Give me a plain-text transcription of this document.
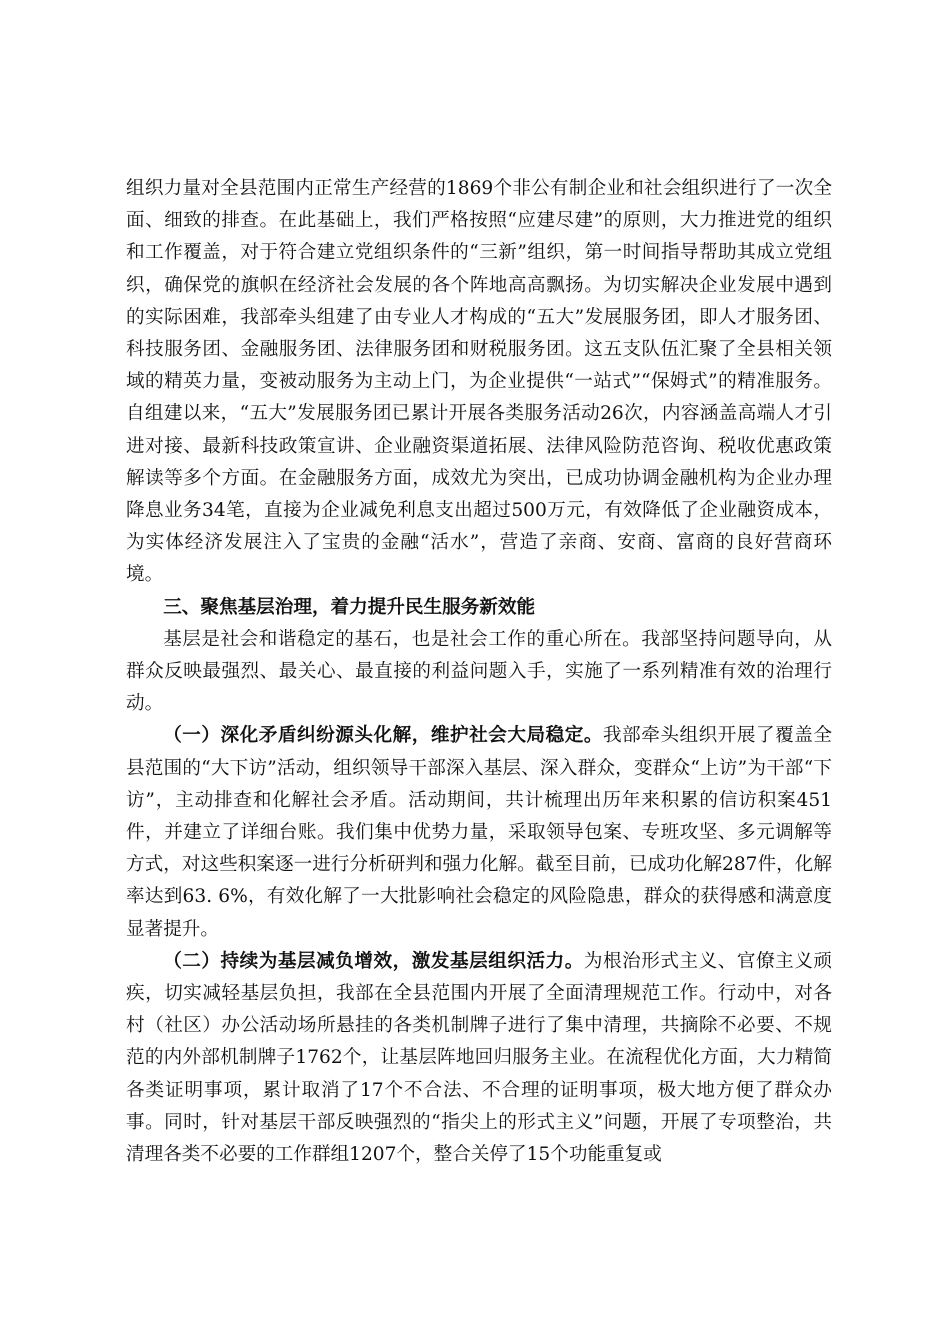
组织力量对全县范围内正常生产经营的1869个非公有制企业和社会组织进行了一次全面、细致的排查。在此基础上，我们严格按照“应建尽建”的原则，大力推进党的组织和工作覆盖，对于符合建立党组织条件的“三新”组织，第一时间指导帮助其成立党组织，确保党的旗帜在经济社会发展的各个阵地高高飘扬。为切实解决企业发展中遇到的实际困难，我部牵头组建了由专业人才构成的“五大”发展服务团，即人才服务团、科技服务团、金融服务团、法律服务团和财税服务团。这五支队伍汇聚了全县相关领域的精英力量，变被动服务为主动上门，为企业提供“一站式”“保姆式”的精准服务。自组建以来，“五大”发展服务团已累计开展各类服务活动26次，内容涵盖高端人才引进对接、最新科技政策宣讲、企业融资渠道拓展、法律风险防范咨询、税收优惠政策解读等多个方面。在金融服务方面，成效尤为突出，已成功协调金融机构为企业办理降息业务34笔，直接为企业减免利息支出超过500万元，有效降低了企业融资成本，为实体经济发展注入了宝贵的金融“活水”，营造了亲商、安商、富商的良好营商环境。

三、聚焦基层治理，着力提升民生服务新效能

基层是社会和谐稳定的基石，也是社会工作的重心所在。我部坚持问题导向，从群众反映最强烈、最关心、最直接的利益问题入手，实施了一系列精准有效的治理行动。

（一）深化矛盾纠纷源头化解，维护社会大局稳定。我部牵头组织开展了覆盖全县范围的“大下访”活动，组织领导干部深入基层、深入群众，变群众“上访”为干部“下访”，主动排查和化解社会矛盾。活动期间，共计梳理出历年来积累的信访积案451件，并建立了详细台账。我们集中优势力量，采取领导包案、专班攻坚、多元调解等方式，对这些积案逐一进行分析研判和强力化解。截至目前，已成功化解287件，化解率达到63. 6%，有效化解了一大批影响社会稳定的风险隐患，群众的获得感和满意度显著提升。

（二）持续为基层减负增效，激发基层组织活力。为根治形式主义、官僚主义顽疾，切实减轻基层负担，我部在全县范围内开展了全面清理规范工作。行动中，对各村（社区）办公活动场所悬挂的各类机制牌子进行了集中清理，共摘除不必要、不规范的内外部机制牌子1762个，让基层阵地回归服务主业。在流程优化方面，大力精简各类证明事项，累计取消了17个不合法、不合理的证明事项，极大地方便了群众办事。同时，针对基层干部反映强烈的“指尖上的形式主义”问题，开展了专项整治，共清理各类不必要的工作群组1207个，整合关停了15个功能重复或
